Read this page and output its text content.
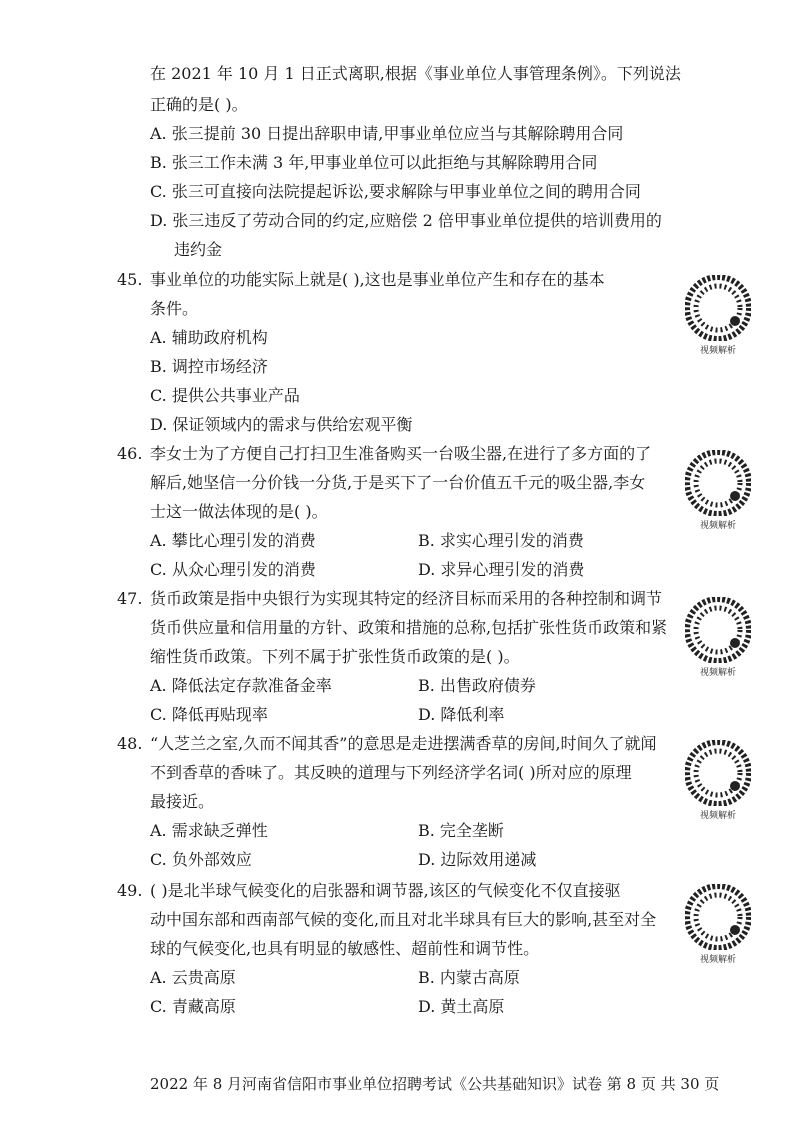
在 2021 年 10 月 1 日正式离职,根据《事业单位人事管理条例》。下列说法
正确的是( )。
A. 张三提前 30 日提出辞职申请,甲事业单位应当与其解除聘用合同
B. 张三工作未满 3 年,甲事业单位可以此拒绝与其解除聘用合同
C. 张三可直接向法院提起诉讼,要求解除与甲事业单位之间的聘用合同
D. 张三违反了劳动合同的约定,应赔偿 2 倍甲事业单位提供的培训费用的
违约金
45. 事业单位的功能实际上就是( ),这也是事业单位产生和存在的基本
条件。
A. 辅助政府机构
B. 调控市场经济
C. 提供公共事业产品
D. 保证领域内的需求与供给宏观平衡
视频解析
46. 李女士为了方便自己打扫卫生准备购买一台吸尘器,在进行了多方面的了
解后,她坚信一分价钱一分货,于是买下了一台价值五千元的吸尘器,李女
士这一做法体现的是( )。
A. 攀比心理引发的消费	B. 求实心理引发的消费
C. 从众心理引发的消费	D. 求异心理引发的消费
视频解析
47. 货币政策是指中央银行为实现其特定的经济目标而采用的各种控制和调节
货币供应量和信用量的方针、政策和措施的总称,包括扩张性货币政策和紧
缩性货币政策。下列不属于扩张性货币政策的是( )。
A. 降低法定存款准备金率	B. 出售政府债券
C. 降低再贴现率	D. 降低利率
视频解析
48. “人芝兰之室,久而不闻其香”的意思是走进摆满香草的房间,时间久了就闻
不到香草的香味了。其反映的道理与下列经济学名词( )所对应的原理
最接近。
A. 需求缺乏弹性	B. 完全垄断
C. 负外部效应	D. 边际效用递减
视频解析
49. ( )是北半球气候变化的启张器和调节器,该区的气候变化不仅直接驱
动中国东部和西南部气候的变化,而且对北半球具有巨大的影响,甚至对全
球的气候变化,也具有明显的敏感性、超前性和调节性。
A. 云贵高原	B. 内蒙古高原
C. 青藏高原	D. 黄土高原
视频解析
2022 年 8 月河南省信阳市事业单位招聘考试《公共基础知识》试卷 第 8 页 共 30 页
